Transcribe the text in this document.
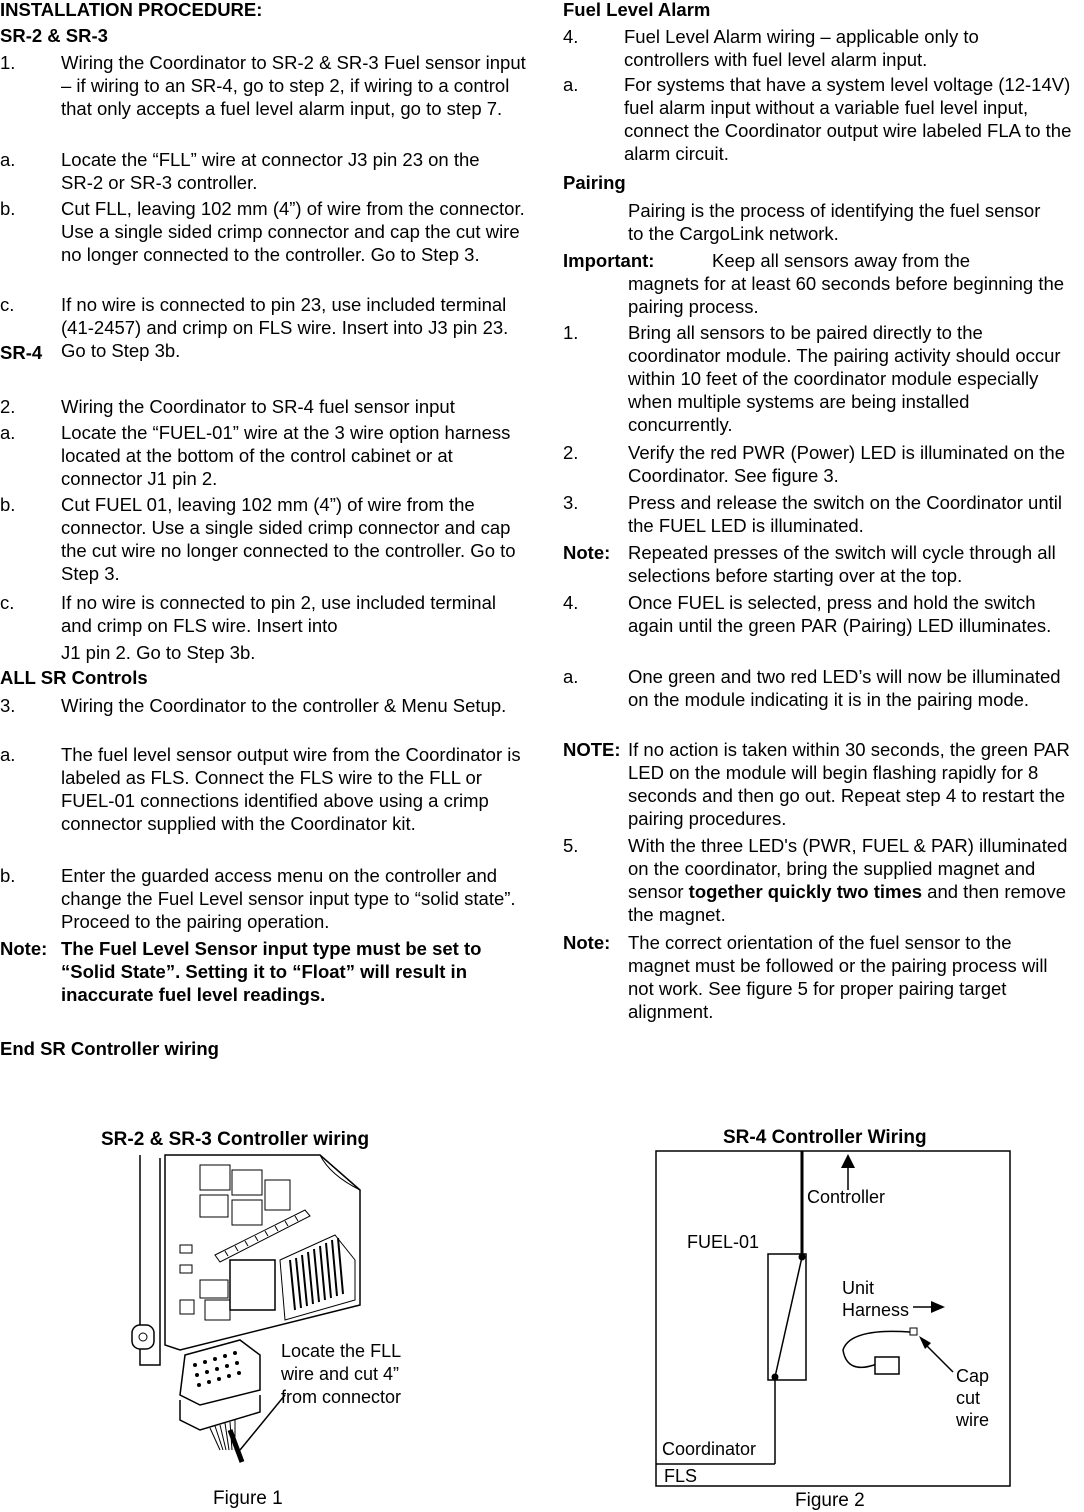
INSTALLATION PROCEDURE:

SR-2 & SR-3

1. Wiring the Coordinator to SR-2 & SR-3 Fuel sensor input – if wiring to an SR-4, go to step 2, if wiring to a control that only accepts a fuel level alarm input, go to step 7.
a. Locate the “FLL” wire at connector J3 pin 23 on the SR-2 or SR-3 controller.
b. Cut FLL, leaving 102 mm (4”) of wire from the connector. Use a single sided crimp connector and cap the cut wire no longer connected to the controller. Go to Step 3.
c.	If no wire is connected to pin 23, use included terminal (41-2457) and crimp on FLS wire. Insert into J3 pin 23. Go to Step 3b.

SR-4

2. Wiring the Coordinator to SR-4 fuel sensor input
a. Locate the “FUEL-01” wire at the 3 wire option harness located at the bottom of the control cabinet or at connector J1 pin 2.
b. Cut FUEL 01, leaving 102 mm (4”) of wire from the connector. Use a single sided crimp connector and cap the cut wire no longer connected to the controller. Go to Step 3.
c.	If no wire is connected to pin 2, use included terminal and crimp on FLS wire. Insert into
J1 pin 2. Go to Step 3b.

ALL SR Controls

3. Wiring the Coordinator to the controller & Menu Setup.
a. The fuel level sensor output wire from the Coordinator is labeled as FLS. Connect the FLS wire to the FLL or FUEL-01 connections identified above using a crimp connector supplied with the Coordinator kit.
b. Enter the guarded access menu on the controller and change the Fuel Level sensor input type to “solid state”. Proceed to the pairing operation.
Note: The Fuel Level Sensor input type must be set to “Solid State”. Setting it to “Float” will result in inaccurate fuel level readings.

End SR Controller wiring

Fuel Level Alarm

4. Fuel Level Alarm wiring – applicable only to controllers with fuel level alarm input.
a. For systems that have a system level voltage (12-14V) fuel alarm input without a variable fuel level input, connect the Coordinator output wire labeled FLA to the alarm circuit.

Pairing

Pairing is the process of identifying the fuel sensor to the CargoLink network.

Important:	Keep all sensors away from the
magnets for at least 60 seconds before beginning the pairing process.
1.	Bring all sensors to be paired directly to the coordinator module. The pairing activity should occur within 10 feet of the coordinator module especially when multiple systems are being installed concurrently.
2.	Verify the red PWR (Power) LED is illuminated on the Coordinator. See figure 3.
3.	Press and release the switch on the Coordinator until the FUEL LED is illuminated.
Note: Repeated presses of the switch will cycle through all selections before starting over at the top.
4.	Once FUEL is selected, press and hold the switch again until the green PAR (Pairing) LED illuminates.
a.	One green and two red LED’s will now be illuminated on the module indicating it is in the pairing mode.
NOTE: If no action is taken within 30 seconds, the green PAR LED on the module will begin flashing rapidly for 8 seconds and then go out. Repeat step 4 to restart the pairing procedures.
5.	With the three LED's (PWR, FUEL & PAR) illuminated on the coordinator, bring the supplied magnet and sensor together quickly two times and then remove the magnet.
Note: The correct orientation of the fuel sensor to the magnet must be followed or the pairing process will not work. See figure 5 for proper pairing target alignment.
SR-2 & SR-3 Controller wiring
Locate the FLL
wire and cut 4”
from connector
Figure 1
SR-4 Controller Wiring
Controller
FUEL-01
Unit
Harness
Cap
cut
wire
Coordinator
FLS
Figure 2
